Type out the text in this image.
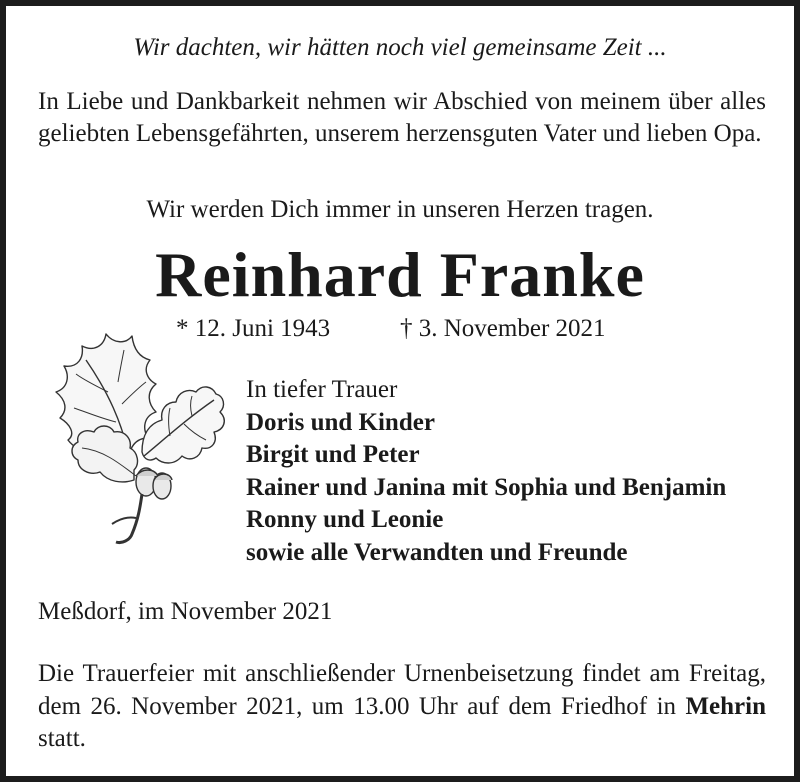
Wir dachten, wir hätten noch viel gemeinsame Zeit ...

In Liebe und Dankbarkeit nehmen wir Abschied von meinem über alles geliebten Lebensgefährten, unserem herzensguten Vater und lieben Opa.

Wir werden Dich immer in unseren Herzen tragen.
Reinhard Franke
* 12. Juni 1943	† 3. November 2021
In tiefer Trauer
Doris und Kinder
Birgit und Peter
Rainer und Janina mit Sophia und Benjamin
Ronny und Leonie
sowie alle Verwandten und Freunde
Meßdorf, im November 2021

Die Trauerfeier mit anschließender Urnenbeisetzung findet am Freitag, dem 26. November 2021, um 13.00 Uhr auf dem Friedhof in Mehrin statt.
